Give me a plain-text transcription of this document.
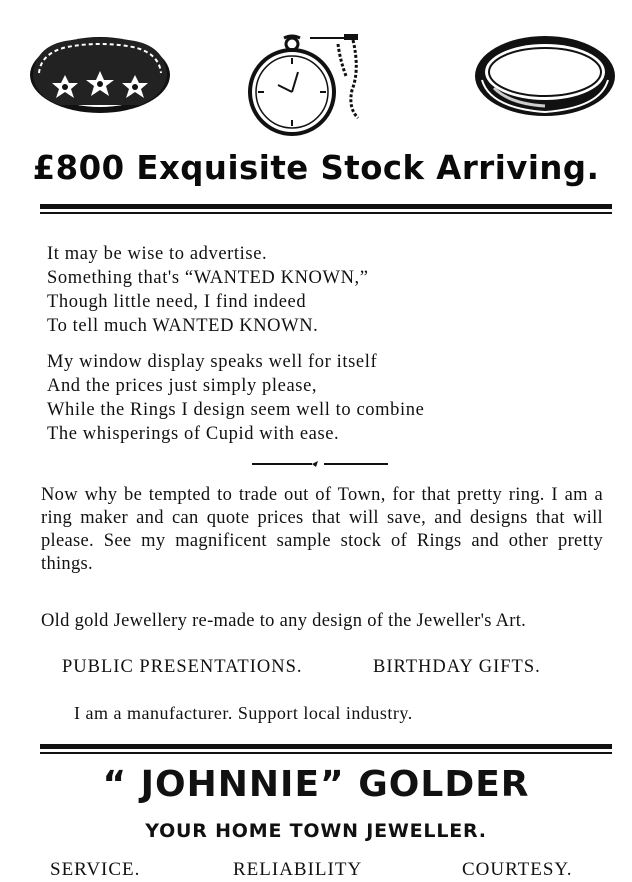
£800 Exquisite Stock Arriving.
It may be wise to advertise.
Something that's “WANTED KNOWN,”
Though little need, I find indeed
To tell much WANTED KNOWN.
My window display speaks well for itself
And the prices just simply please,
While the Rings I design seem well to combine
The whisperings of Cupid with ease.
Now why be tempted to trade out of Town, for that pretty ring. I am a ring maker and can quote prices that will save, and designs that will please. See my magnificent sample stock of Rings and other pretty things.
Old gold Jewellery re-made to any design of the Jeweller's Art.
PUBLIC PRESENTATIONS.	BIRTHDAY GIFTS.
I am a manufacturer. Support local industry.
“ JOHNNIE” GOLDER
YOUR HOME TOWN JEWELLER.
SERVICE.	RELIABILITY	COURTESY.
